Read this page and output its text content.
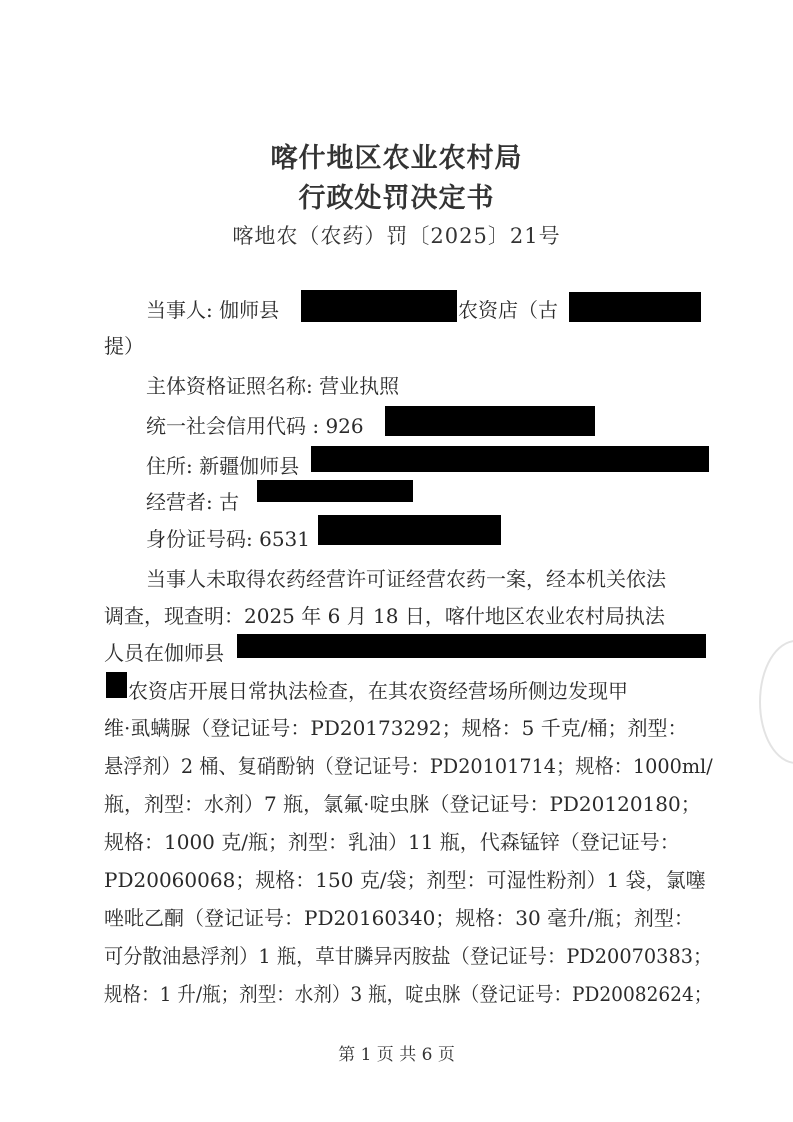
喀什地区农业农村局
行政处罚决定书
喀地农（农药）罚〔2025〕21号
当事人: 伽师县	农资店（古
提）
主体资格证照名称: 营业执照
统一社会信用代码 : 926
住所: 新疆伽师县
经营者: 古
身份证号码: 6531
当事人未取得农药经营许可证经营农药一案，经本机关依法
调查，现查明：2025 年 6 月 18 日，喀什地区农业农村局执法
人员在伽师县
农资店开展日常执法检查，在其农资经营场所侧边发现甲
维·虱螨脲（登记证号：PD20173292；规格：5 千克/桶；剂型：
悬浮剂）2 桶、复硝酚钠（登记证号：PD20101714；规格：1000ml/
瓶，剂型：水剂）7 瓶，氯氟·啶虫脒（登记证号：PD20120180；
规格：1000 克/瓶；剂型：乳油）11 瓶，代森锰锌（登记证号：
PD20060068；规格：150 克/袋；剂型：可湿性粉剂）1 袋，氯噻
唑吡乙酮（登记证号：PD20160340；规格：30 毫升/瓶；剂型：
可分散油悬浮剂）1 瓶，草甘膦异丙胺盐（登记证号：PD20070383；
规格：1 升/瓶；剂型：水剂）3 瓶，啶虫脒（登记证号：PD20082624；
第 1 页 共 6 页
